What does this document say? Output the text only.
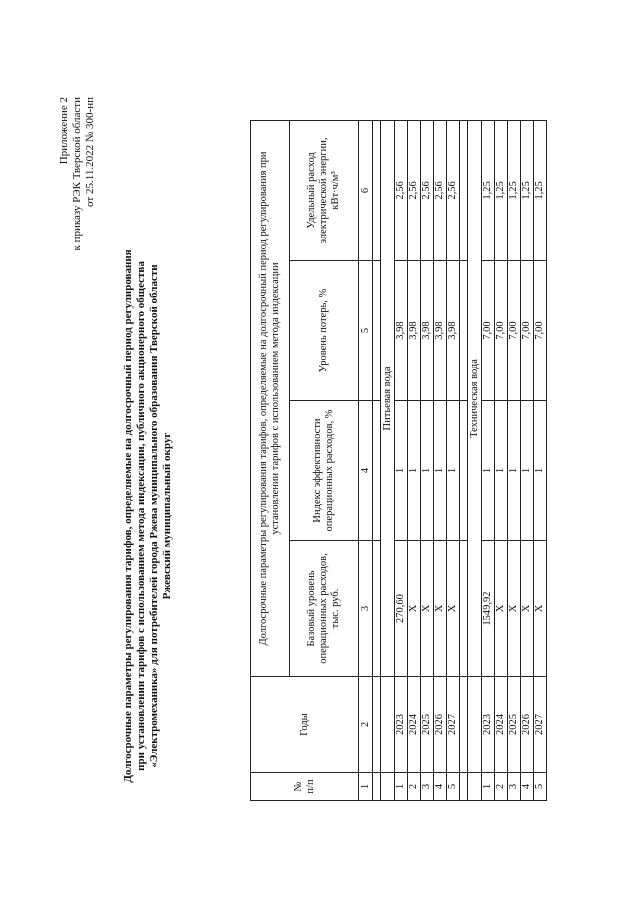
Приложение 2 к приказу РЭК Тверской области от 25.11.2022 № 300-нп
Долгосрочные параметры регулирования тарифов, определяемые на долгосрочный период регулирования при установлении тарифов с использованием метода индексации, публичного акционерного общества «Электромеханика» для потребителей города Ржева муниципального образования Тверской области Ржевский муниципальный округ
№ п/п	Годы	Долгосрочные параметры регулирования тарифов, определяемые на долгосрочный период регулирования при установлении тарифов с использованием метода индексации			
		Базовый уровень операционных расходов, тыс. руб.	Индекс эффективности операционных расходов, %	Уровень потерь, %	Удельный расход электрической энергии, кВт·ч/м³
1	2	3	4	5	6

		Питьевая вода			
1	2023	270,60	1	3,98	2,56
2	2024	Х	1	3,98	2,56
3	2025	Х	1	3,98	2,56
4	2026	Х	1	3,98	2,56
5	2027	Х	1	3,98	2,56

		Техническая вода			
1	2023	1549,92	1	7,00	1,25
2	2024	Х	1	7,00	1,25
3	2025	Х	1	7,00	1,25
4	2026	Х	1	7,00	1,25
5	2027	Х	1	7,00	1,25
